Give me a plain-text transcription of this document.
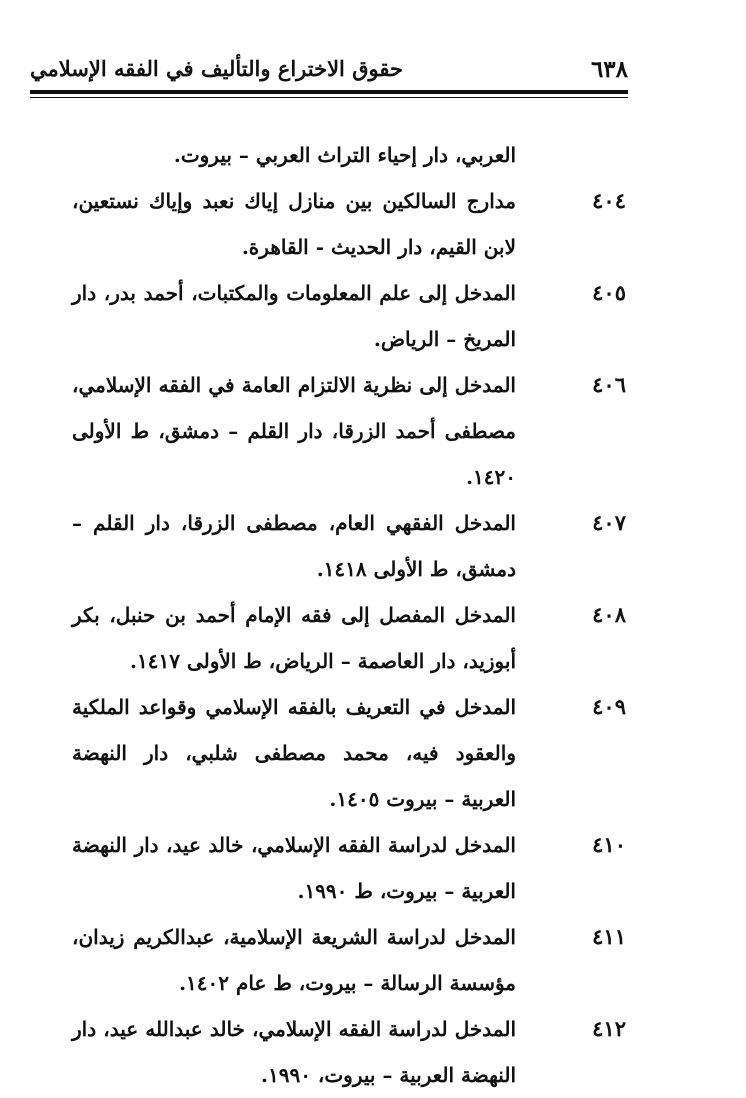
٦٣٨
حقوق الاختراع والتأليف في الفقه الإسلامي
العربي، دار إحياء التراث العربي – بيروت.
٤٠٤
مدارج السالكين بين منازل إياك نعبد وإياك نستعين، لابن القيم، دار الحديث - القاهرة.
٤٠٥
المدخل إلى علم المعلومات والمكتبات، أحمد بدر، دار المريخ – الرياض.
٤٠٦
المدخل إلى نظرية الالتزام العامة في الفقه الإسلامي، مصطفى أحمد الزرقا، دار القلم – دمشق، ط الأولى ١٤٢٠.
٤٠٧
المدخل الفقهي العام، مصطفى الزرقا، دار القلم – دمشق، ط الأولى ١٤١٨.
٤٠٨
المدخل المفصل إلى فقه الإمام أحمد بن حنبل، بكر أبوزيد، دار العاصمة – الرياض، ط الأولى ١٤١٧.
٤٠٩
المدخل في التعريف بالفقه الإسلامي وقواعد الملكية والعقود فيه، محمد مصطفى شلبي، دار النهضة العربية – بيروت ١٤٠٥.
٤١٠
المدخل لدراسة الفقه الإسلامي، خالد عيد، دار النهضة العربية – بيروت، ط ١٩٩٠.
٤١١
المدخل لدراسة الشريعة الإسلامية، عبدالكريم زيدان، مؤسسة الرسالة – بيروت، ط عام ١٤٠٢.
٤١٢
المدخل لدراسة الفقه الإسلامي، خالد عبدالله عيد، دار النهضة العربية – بيروت، ١٩٩٠.
